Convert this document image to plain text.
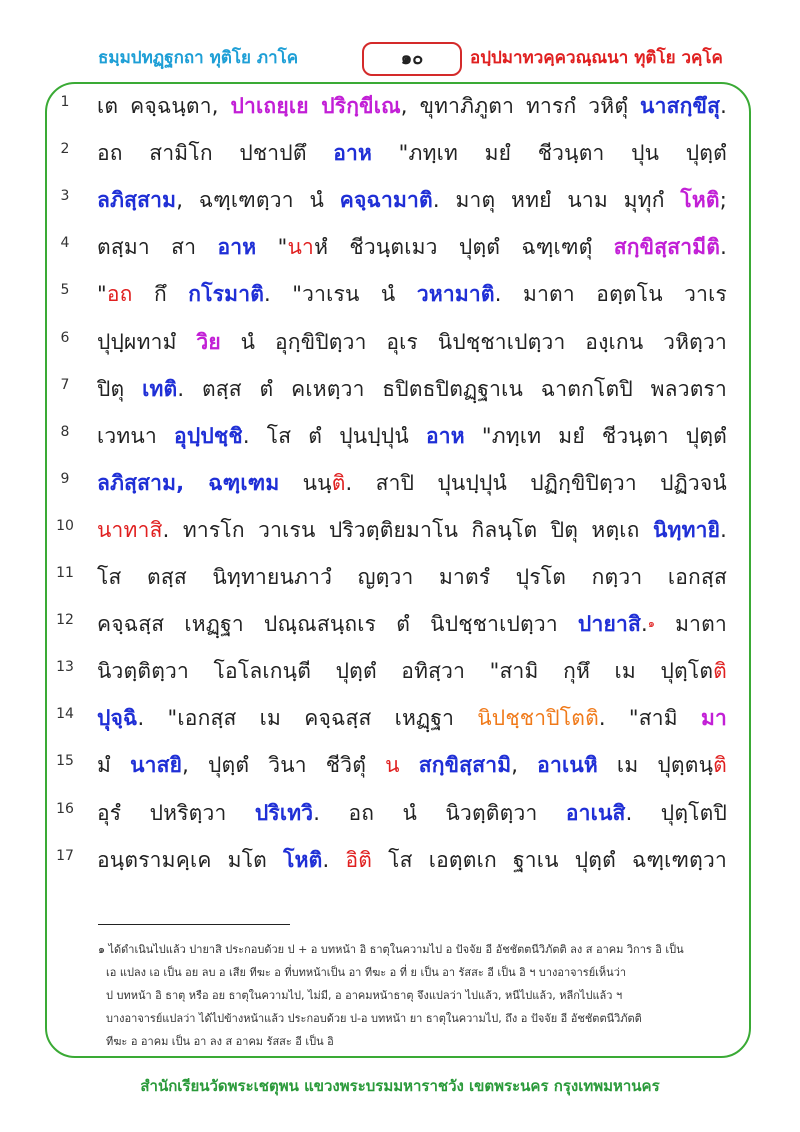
ธมฺมปทฏฺฐกถา ทุติโย ภาโค	๑๐	อปฺปมาทวคฺควณฺณนา ทุติโย วคฺโค
1	เต คจฺฉนฺตา, ปาเถยฺเย ปริกฺขีเณ, ขุทาภิภูตา ทารกํ วหิตุํ นาสกฺขึสุ.
2	อถ สามิโก ปชาปตึ อาห "ภทฺเท มยํ ชีวนฺตา ปุน ปุตฺตํ
3	ลภิสฺสาม, ฉฑฺเฑตฺวา นํ คจฺฉามาติ. มาตุ หทยํ นาม มุทุกํ โหติ;
4	ตสฺมา สา อาห "นาหํ ชีวนฺตเมว ปุตฺตํ ฉฑฺเฑตุํ สกฺขิสฺสามีติ.
5	"อถ กึ กโรมาติ. "วาเรน นํ วหามาติ. มาตา อตฺตโน วาเร
6	ปุปฺผทามํ วิย นํ อุกฺขิปิตฺวา อุเร นิปชฺชาเปตฺวา องฺเกน วหิตฺวา
7	ปิตุ เทติ. ตสฺส ตํ คเหตฺวา ธปิตธปิตฏฺฐาเน ฉาตกโตปิ พลวตรา
8	เวทนา อุปฺปชฺชิ. โส ตํ ปุนปฺปุนํ อาห "ภทฺเท มยํ ชีวนฺตา ปุตฺตํ
9	ลภิสฺสาม, ฉฑฺเฑม นนฺติ. สาปิ ปุนปฺปุนํ ปฏิกฺขิปิตฺวา ปฏิวจนํ
10	นาทาสิ. ทารโก วาเรน ปริวตฺติยมาโน กิลนฺโต ปิตุ หตฺเถ นิทฺทายิ.
11	โส ตสฺส นิทฺทายนภาวํ ญตฺวา มาตรํ ปุรโต กตฺวา เอกสฺส
12	คจฺฉสฺส เหฏฺฐา ปณฺณสนฺถเร ตํ นิปชฺชาเปตฺวา ปายาสิ.$^๑$ มาตา
13	นิวตฺติตฺวา โอโลเกนฺตี ปุตฺตํ อทิสฺวา "สามิ กุหึ เม ปุตฺโตติ
14	ปุจฺฉิ. "เอกสฺส เม คจฺฉสฺส เหฏฺฐา นิปชฺชาปิโตติ. "สามิ มา
15	มํ นาสยิ, ปุตฺตํ วินา ชีวิตุํ น สกฺขิสฺสามิ, อาเนหิ เม ปุตฺตนฺติ
16	อุรํ ปหริตฺวา ปริเทวิ. อถ นํ นิวตฺติตฺวา อาเนสิ. ปุตฺโตปิ
17	อนฺตรามคฺเค มโต โหติ. อิติ โส เอตฺตเก ฐาเน ปุตฺตํ ฉฑฺเฑตฺวา
๑ ได้ดำเนินไปแล้ว ปายาสิ ประกอบด้วย ป + อ บทหน้า อิ ธาตุในความไป อ ปัจจัย อี อัชชัตตนีวิภัตติ ลง ส อาคม วิการ อิ เป็น
เอ แปลง เอ เป็น อย ลบ อ เสีย ทีฆะ อ ที่บทหน้าเป็น อา ทีฆะ อ ที่ ย เป็น อา รัสสะ อี เป็น อิ ฯ บางอาจารย์เห็นว่า
ป บทหน้า อิ ธาตุ หรือ อย ธาตุในความไป, ไม่มี, อ อาคมหน้าธาตุ จึงแปลว่า ไปแล้ว, หนีไปแล้ว, หลีกไปแล้ว ฯ
บางอาจารย์แปลว่า ได้ไปข้างหน้าแล้ว ประกอบด้วย ป-อ บทหน้า ยา ธาตุในความไป, ถึง อ ปัจจัย อี อัชชัตตนีวิภัตติ
ทีฆะ อ อาคม เป็น อา ลง ส อาคม รัสสะ อี เป็น อิ
สำนักเรียนวัดพระเชตุพน แขวงพระบรมมหาราชวัง เขตพระนคร กรุงเทพมหานคร
